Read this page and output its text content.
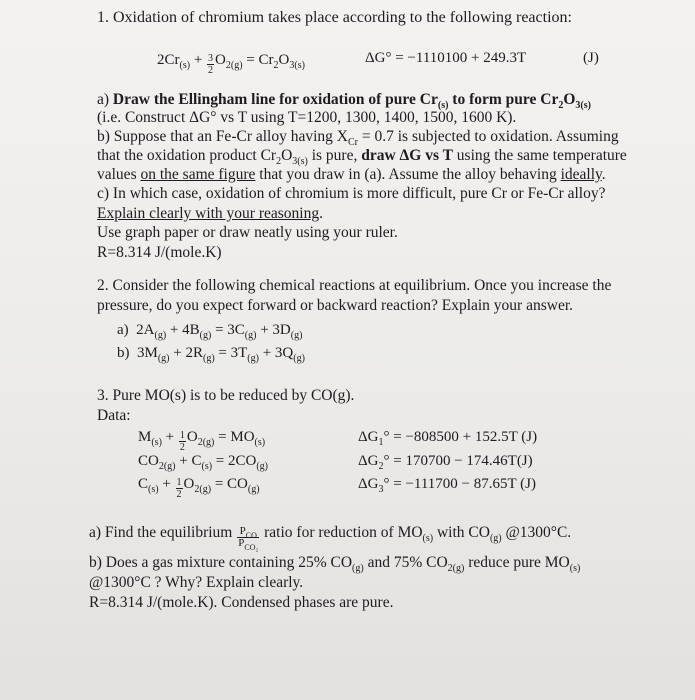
1. Oxidation of chromium takes place according to the following reaction:
$2Cr_{(s)} + \frac{3}{2} O_{2(g)} = Cr_2O_{3(s)}$	ΔG° = −1110100 + 249.3T	(J)
a) Draw the Ellingham line for oxidation of pure $Cr_{(s)}$ to form pure $Cr_2O_{3(s)}$
(i.e. Construct ΔG° vs T using T=1200, 1300, 1400, 1500, 1600 K).
b) Suppose that an Fe-Cr alloy having $X_{Cr} = 0.7$ is subjected to oxidation. Assuming
that the oxidation product $Cr_2O_{3(s)}$ is pure, draw ΔG vs T using the same temperature
values on the same figure that you draw in (a). Assume the alloy behaving ideally.
c) In which case, oxidation of chromium is more difficult, pure Cr or Fe-Cr alloy?
Explain clearly with your reasoning.
Use graph paper or draw neatly using your ruler.
R=8.314 J/(mole.K)
2. Consider the following chemical reactions at equilibrium. Once you increase the
pressure, do you expect forward or backward reaction? Explain your answer.
a) $2A_{(g)} + 4B_{(g)} = 3C_{(g)} + 3D_{(g)}$
b) $3M_{(g)} + 2R_{(g)} = 3T_{(g)} + 3Q_{(g)}$
3. Pure MO(s) is to be reduced by CO(g).
Data:
$M_{(s)} + \frac{1}{2} O_{2(g)} = MO_{(s)}$	$\Delta G_1^\circ = -808500 + 152.5T$ (J)
$CO_{2(g)} + C_{(s)} = 2CO_{(g)}$	$\Delta G_2^\circ = 170700 - 174.46T(J)$
$C_{(s)} + \frac{1}{2} O_{2(g)} = CO_{(g)}$	$\Delta G_3^\circ = -111700 - 87.65T$ (J)
a) Find the equilibrium $\frac{P_{CO}}{P_{CO_2}}$ ratio for reduction of $MO_{(s)}$ with $CO_{(g)}$ @1300°C.
b) Does a gas mixture containing 25% $CO_{(g)}$ and 75% $CO_{2(g)}$ reduce pure $MO_{(s)}$
@1300°C ? Why? Explain clearly.
R=8.314 J/(mole.K). Condensed phases are pure.
